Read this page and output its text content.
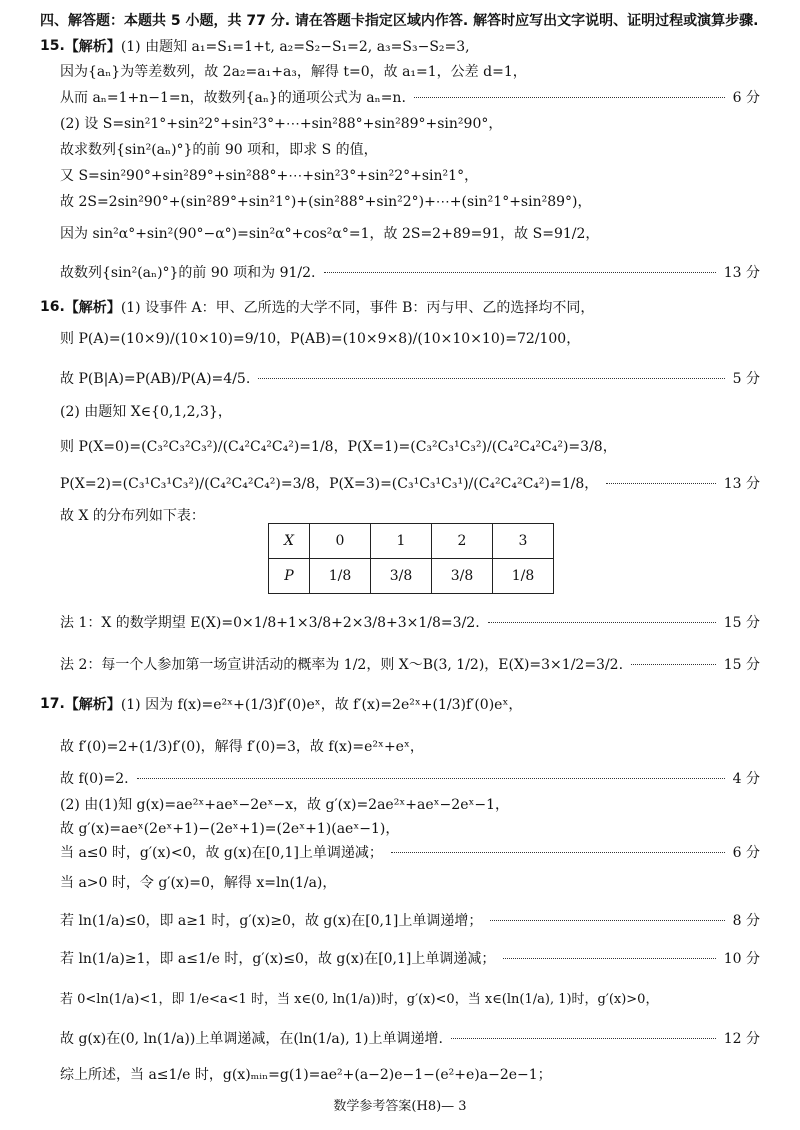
四、解答题：本题共 5 小题，共 77 分. 请在答题卡指定区域内作答. 解答时应写出文字说明、证明过程或演算步骤.
15. 【解析】 (1) 由题知 a₁=S₁=1+t, a₂=S₂−S₁=2, a₃=S₃−S₂=3,
因为{aₙ}为等差数列，故 2a₂=a₁+a₃，解得 t=0，故 a₁=1，公差 d=1，
从而 aₙ=1+n−1=n，故数列{aₙ}的通项公式为 aₙ=n.	6 分
(2) 设 S=sin²1°+sin²2°+sin²3°+⋯+sin²88°+sin²89°+sin²90°，
故求数列{sin²(aₙ)°}的前 90 项和，即求 S 的值，
又 S=sin²90°+sin²89°+sin²88°+⋯+sin²3°+sin²2°+sin²1°，
故 2S=2sin²90°+(sin²89°+sin²1°)+(sin²88°+sin²2°)+⋯+(sin²1°+sin²89°)，
因为 sin²α°+sin²(90°−α°)=sin²α°+cos²α°=1，故 2S=2+89=91，故 S=91/2，
故数列{sin²(aₙ)°}的前 90 项和为 91/2.	13 分
16. 【解析】 (1) 设事件 A：甲、乙所选的大学不同，事件 B：丙与甲、乙的选择均不同，
则 P(A)=(10×9)/(10×10)=9/10，P(AB)=(10×9×8)/(10×10×10)=72/100，
故 P(B|A)=P(AB)/P(A)=4/5.	5 分
(2) 由题知 X∈{0,1,2,3}，
则 P(X=0)=(C₃²C₃²C₃²)/(C₄²C₄²C₄²)=1/8，P(X=1)=(C₃²C₃¹C₃²)/(C₄²C₄²C₄²)=3/8，
P(X=2)=(C₃¹C₃¹C₃²)/(C₄²C₄²C₄²)=3/8，P(X=3)=(C₃¹C₃¹C₃¹)/(C₄²C₄²C₄²)=1/8，	13 分
故 X 的分布列如下表：
X	0	1	2	3
P	1/8	3/8	3/8	1/8
法 1：X 的数学期望 E(X)=0×1/8+1×3/8+2×3/8+3×1/8=3/2.	15 分
法 2：每一个人参加第一场宣讲活动的概率为 1/2，则 X～B(3, 1/2)，E(X)=3×1/2=3/2.	15 分
17. 【解析】 (1) 因为 f(x)=e²ˣ+(1/3)f′(0)eˣ，故 f′(x)=2e²ˣ+(1/3)f′(0)eˣ，
故 f′(0)=2+(1/3)f′(0)，解得 f′(0)=3，故 f(x)=e²ˣ+eˣ，
故 f(0)=2.	4 分
(2) 由(1)知 g(x)=ae²ˣ+aeˣ−2eˣ−x，故 g′(x)=2ae²ˣ+aeˣ−2eˣ−1，
故 g′(x)=aeˣ(2eˣ+1)−(2eˣ+1)=(2eˣ+1)(aeˣ−1)，
当 a≤0 时，g′(x)<0，故 g(x)在[0,1]上单调递减；	6 分
当 a>0 时，令 g′(x)=0，解得 x=ln(1/a)，
若 ln(1/a)≤0，即 a≥1 时，g′(x)≥0，故 g(x)在[0,1]上单调递增；	8 分
若 ln(1/a)≥1，即 a≤1/e 时，g′(x)≤0，故 g(x)在[0,1]上单调递减；	10 分
若 0<ln(1/a)<1，即 1/e<a<1 时，当 x∈(0, ln(1/a))时，g′(x)<0，当 x∈(ln(1/a), 1)时，g′(x)>0，
故 g(x)在(0, ln(1/a))上单调递减，在(ln(1/a), 1)上单调递增.	12 分
综上所述，当 a≤1/e 时，g(x)ₘᵢₙ=g(1)=ae²+(a−2)e−1−(e²+e)a−2e−1；
数学参考答案(H8)— 3
